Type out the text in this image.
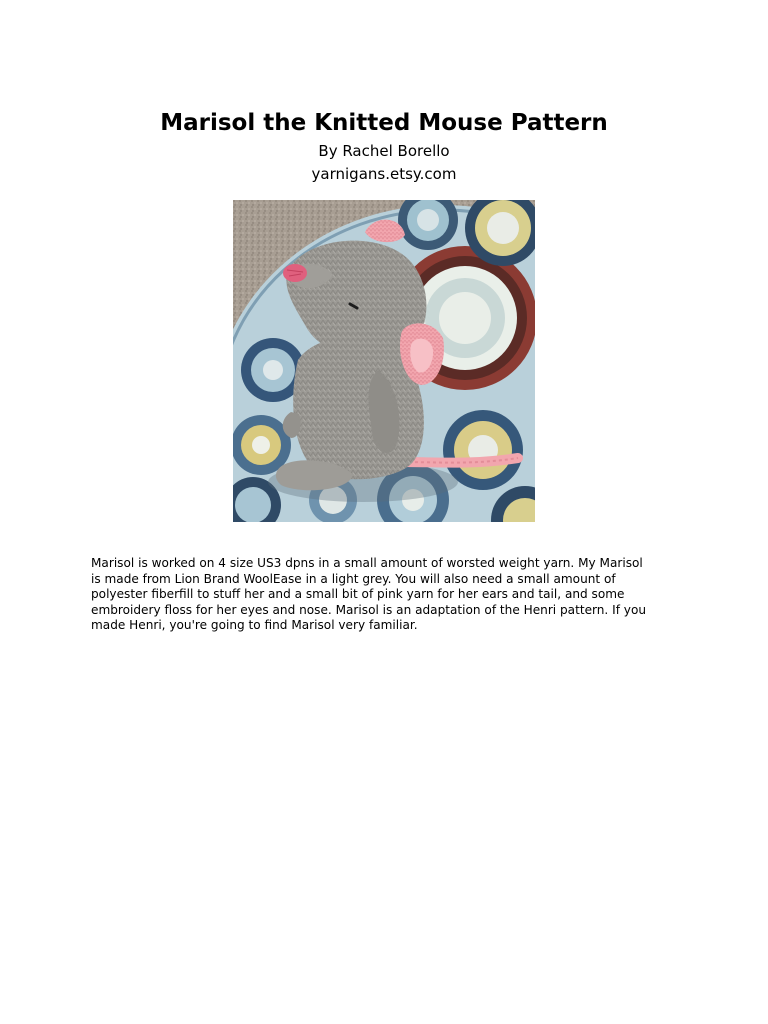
Marisol the Knitted Mouse Pattern
By Rachel Borello
yarnigans.etsy.com

Marisol is worked on 4 size US3 dpns in a small amount of worsted weight yarn. My Marisol
is made from Lion Brand WoolEase in a light grey. You will also need a small amount of
polyester fiberfill to stuff her and a small bit of pink yarn for her ears and tail, and some
embroidery floss for her eyes and nose. Marisol is an adaptation of the Henri pattern. If you
made Henri, you're going to find Marisol very familiar.
